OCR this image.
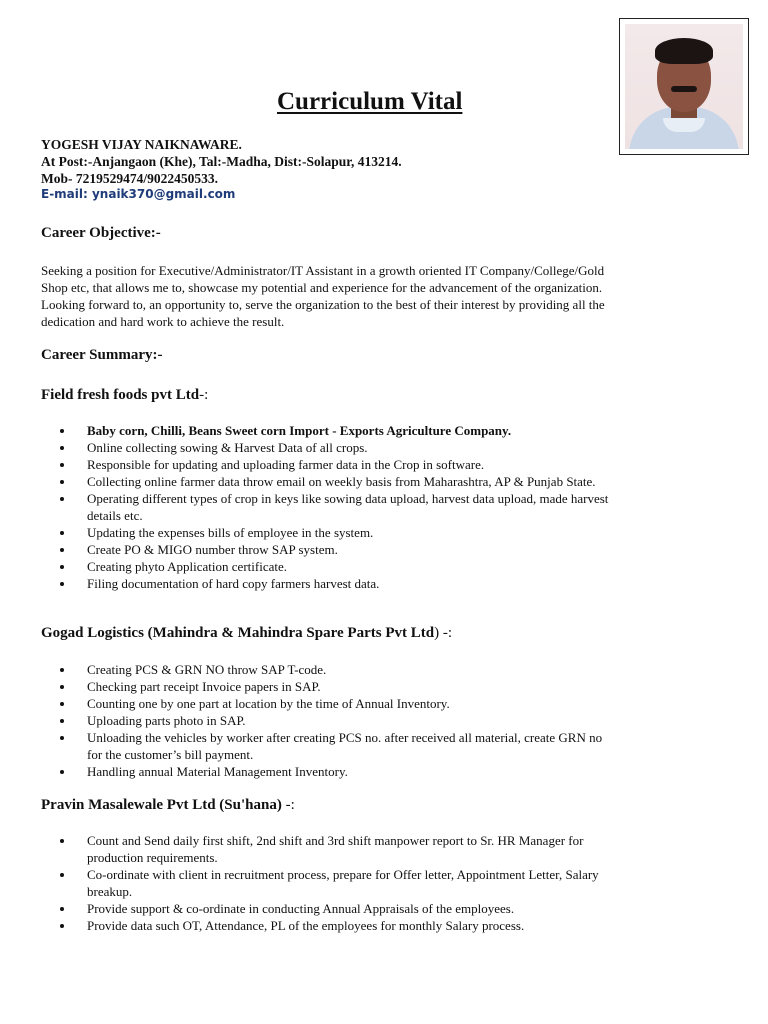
Curriculum Vital
YOGESH VIJAY NAIKNAWARE.
At Post:-Anjangaon (Khe), Tal:-Madha, Dist:-Solapur, 413214.
Mob- 7219529474/9022450533.
E-mail: ynaik370@gmail.com
Career Objective:-
Seeking a position for Executive/Administrator/IT Assistant in a growth oriented IT Company/College/Gold Shop etc, that allows me to, showcase my potential and experience for the advancement of the organization. Looking forward to, an opportunity to, serve the organization to the best of their interest by providing all the dedication and hard work to achieve the result.
Career Summary:-
Field fresh foods pvt Ltd-:
Baby corn, Chilli, Beans Sweet corn Import - Exports Agriculture Company.
Online collecting sowing & Harvest Data of all crops.
Responsible for updating and uploading farmer data in the Crop in software.
Collecting online farmer data throw email on weekly basis from Maharashtra, AP & Punjab State.
Operating different types of crop in keys like sowing data upload, harvest data upload, made harvest details etc.
Updating the expenses bills of employee in the system.
Create PO & MIGO number throw SAP system.
Creating phyto Application certificate.
Filing documentation of hard copy farmers harvest data.
Gogad Logistics (Mahindra & Mahindra Spare Parts Pvt Ltd) -:
Creating PCS & GRN NO throw SAP T-code.
Checking part receipt Invoice papers in SAP.
Counting one by one part at location by the time of Annual Inventory.
Uploading parts photo in SAP.
Unloading the vehicles by worker after creating PCS no. after received all material, create GRN no for the customer’s bill payment.
Handling annual Material Management Inventory.
Pravin Masalewale Pvt Ltd (Su'hana) -:
Count and Send daily first shift, 2nd shift and 3rd shift manpower report to Sr. HR Manager for production requirements.
Co-ordinate with client in recruitment process, prepare for Offer letter, Appointment Letter, Salary breakup.
Provide support & co-ordinate in conducting Annual Appraisals of the employees.
Provide data such OT, Attendance, PL of the employees for monthly Salary process.
